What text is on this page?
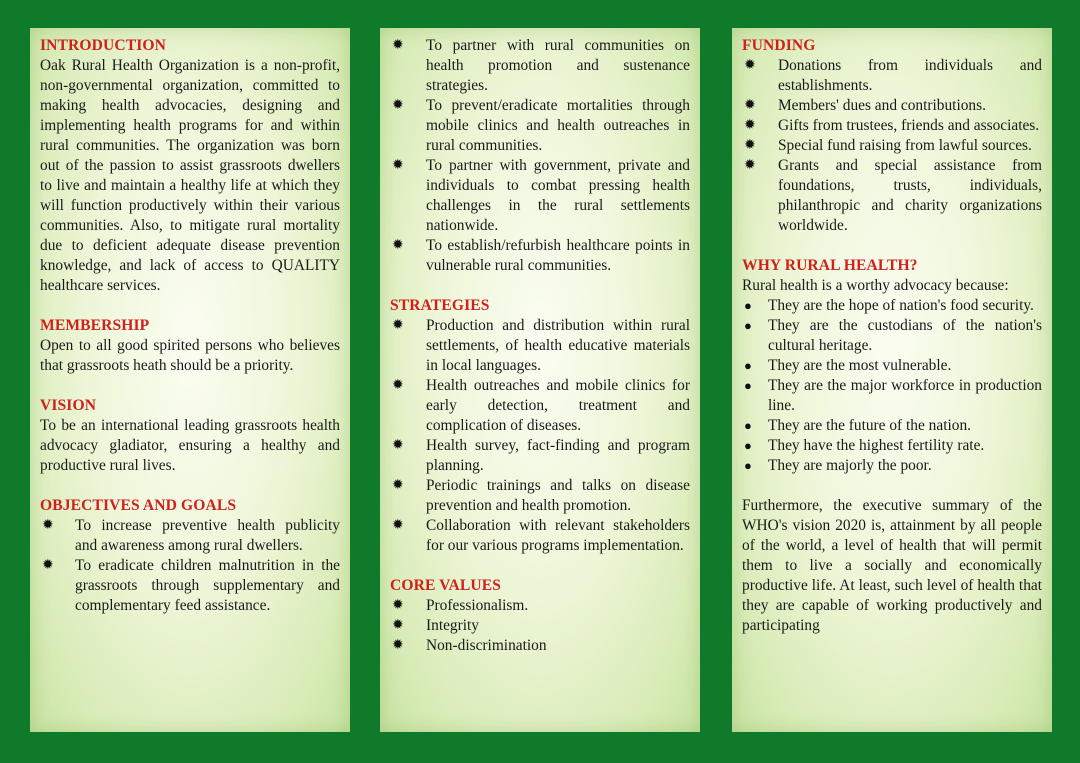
INTRODUCTION

Oak Rural Health Organization is a non-profit, non-governmental organization, committed to making health advocacies, designing and implementing health programs for and within rural communities. The organization was born out of the passion to assist grassroots dwellers to live and maintain a healthy life at which they will function productively within their various communities. Also, to mitigate rural mortality due to deficient adequate disease prevention knowledge, and lack of access to QUALITY healthcare services.

MEMBERSHIP

Open to all good spirited persons who believes that grassroots heath should be a priority.

VISION

To be an international leading grassroots health advocacy gladiator, ensuring a healthy and productive rural lives.

OBJECTIVES AND GOALS

✹ To increase preventive health publicity and awareness among rural dwellers.
✹ To eradicate children malnutrition in the grassroots through supplementary and complementary feed assistance.
✹ To partner with rural communities on health promotion and sustenance strategies.
✹ To prevent/eradicate mortalities through mobile clinics and health outreaches in rural communities.
✹ To partner with government, private and individuals to combat pressing health challenges in the rural settlements nationwide.
✹ To establish/refurbish healthcare points in vulnerable rural communities.

STRATEGIES

✹ Production and distribution within rural settlements, of health educative materials in local languages.
✹ Health outreaches and mobile clinics for early detection, treatment and complication of diseases.
✹ Health survey, fact-finding and program planning.
✹ Periodic trainings and talks on disease prevention and health promotion.
✹ Collaboration with relevant stakeholders for our various programs implementation.

CORE VALUES

✹ Professionalism.
✹ Integrity
✹ Non-discrimination

FUNDING

✹ Donations from individuals and establishments.
✹ Members' dues and contributions.
✹ Gifts from trustees, friends and associates.
✹ Special fund raising from lawful sources.
✹ Grants and special assistance from foundations, trusts, individuals, philanthropic and charity organizations worldwide.

WHY RURAL HEALTH?

Rural health is a worthy advocacy because:

● They are the hope of nation's food security.
● They are the custodians of the nation's cultural heritage.
● They are the most vulnerable.
● They are the major workforce in production line.
● They are the future of the nation.
● They have the highest fertility rate.
● They are majorly the poor.

Furthermore, the executive summary of the WHO's vision 2020 is, attainment by all people of the world, a level of health that will permit them to live a socially and economically productive life. At least, such level of health that they are capable of working productively and participating
